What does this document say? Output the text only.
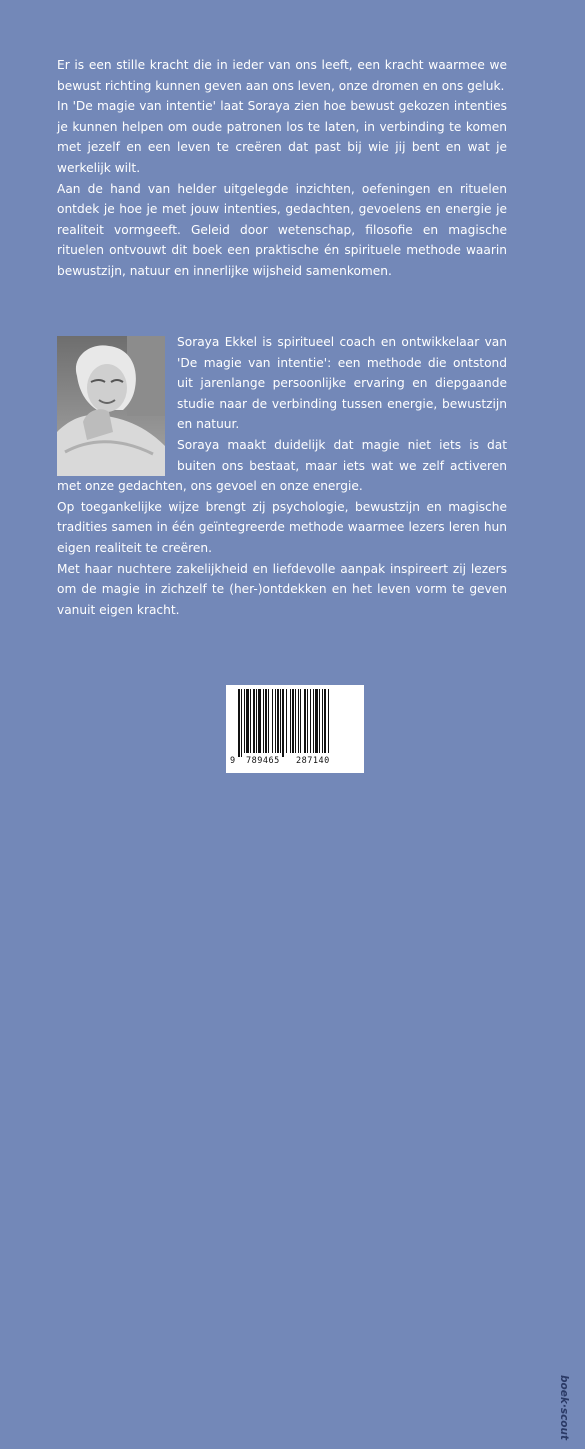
Er is een stille kracht die in ieder van ons leeft, een kracht waarmee we bewust richting kunnen geven aan ons leven, onze dromen en ons geluk.

In 'De magie van intentie' laat Soraya zien hoe bewust gekozen intenties je kunnen helpen om oude patronen los te laten, in verbinding te komen met jezelf en een leven te creëren dat past bij wie jij bent en wat je werkelijk wilt.

Aan de hand van helder uitgelegde inzichten, oefeningen en rituelen ontdek je hoe je met jouw intenties, gedachten, gevoelens en energie je realiteit vormgeeft. Geleid door wetenschap, filosofie en magische rituelen ontvouwt dit boek een praktische én spirituele methode waarin bewustzijn, natuur en innerlijke wijsheid samenkomen.

Soraya Ekkel is spiritueel coach en ontwikkelaar van 'De magie van intentie': een methode die ontstond uit jarenlange persoonlijke ervaring en diepgaande studie naar de verbinding tussen energie, bewustzijn en natuur.

Soraya maakt duidelijk dat magie niet iets is dat buiten ons bestaat, maar iets wat we zelf activeren met onze gedachten, ons gevoel en onze energie.

Op toegankelijke wijze brengt zij psychologie, bewustzijn en magische tradities samen in één geïntegreerde methode waarmee lezers leren hun eigen realiteit te creëren.

Met haar nuchtere zakelijkheid en liefdevolle aanpak inspireert zij lezers om de magie in zichzelf te (her-)ontdekken en het leven vorm te geven vanuit eigen kracht.

9 789465 287140
boek·scout
